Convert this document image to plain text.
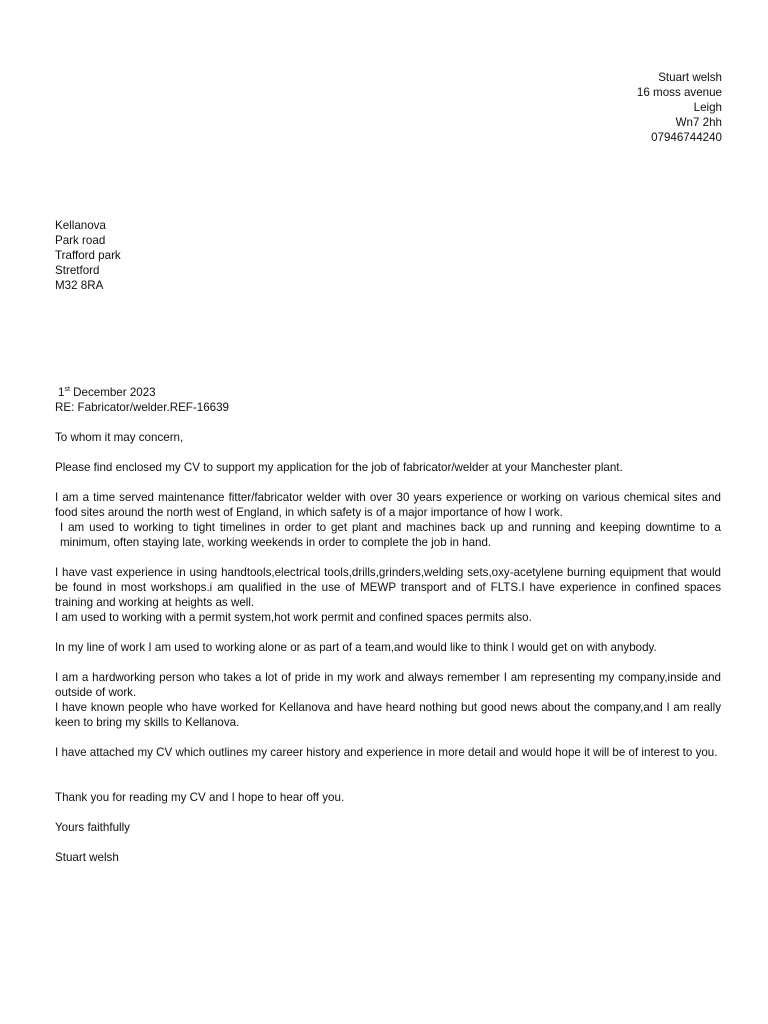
Stuart welsh
16 moss avenue
Leigh
Wn7 2hh
07946744240
Kellanova
Park road
Trafford park
Stretford
M32 8RA
1st December 2023
RE: Fabricator/welder.REF-16639

To whom it may concern,

Please find enclosed my CV to support my application for the job of fabricator/welder at your Manchester plant.

I am a time served maintenance fitter/fabricator welder with over 30 years experience or working on various chemical sites and food sites around the north west of England, in which safety is of a major importance of how I work.

I am used to working to tight timelines in order to get plant and machines back up and running and keeping downtime to a minimum, often staying late, working weekends in order to complete the job in hand.

I have vast experience in using handtools,electrical tools,drills,grinders,welding sets,oxy-acetylene burning equipment that would be found in most workshops.i am qualified in the use of MEWP transport and of FLTS.I have experience in confined spaces training and working at heights as well.

I am used to working with a permit system,hot work permit and confined spaces permits also.

In my line of work I am used to working alone or as part of a team,and would like to think I would get on with anybody.

I am a hardworking person who takes a lot of pride in my work and always remember I am representing my company,inside and outside of work.

I have known people who have worked for Kellanova and have heard nothing but good news about the company,and I am really keen to bring my skills to Kellanova.

I have attached my CV which outlines my career history and experience in more detail and would hope it will be of interest to you.

Thank you for reading my CV and I hope to hear off you.

Yours faithfully

Stuart welsh
